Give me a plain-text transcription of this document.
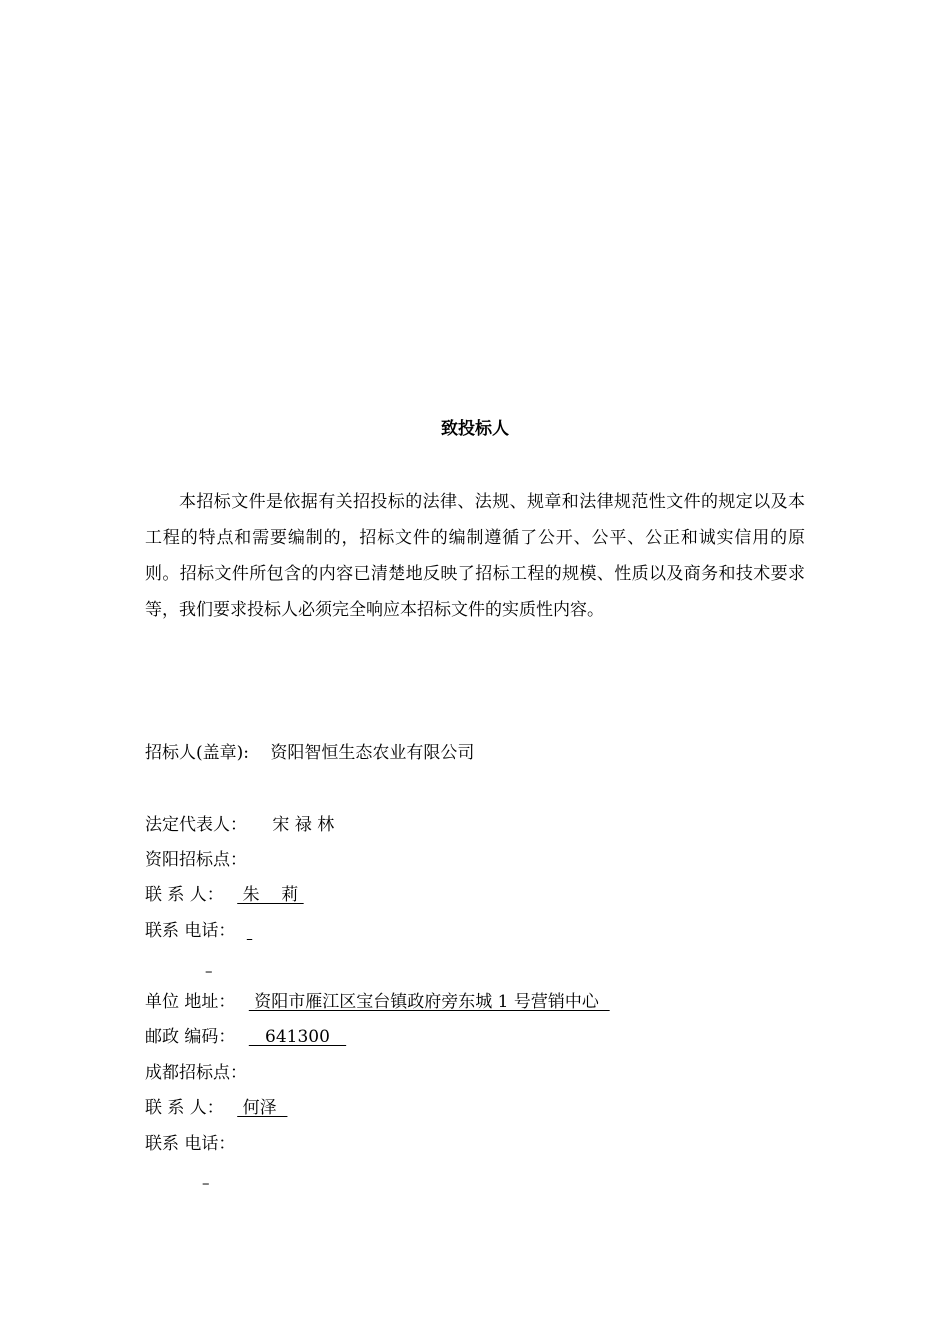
致投标人
本招标文件是依据有关招投标的法律、法规、规章和法律规范性文件的规定以及本工程的特点和需要编制的，招标文件的编制遵循了公开、公平、公正和诚实信用的原则。招标文件所包含的内容已清楚地反映了招标工程的规模、性质以及商务和技术要求等，我们要求投标人必须完全响应本招标文件的实质性内容。
招标人(盖章): 资阳智恒生态农业有限公司
法定代表人： 宋 禄 林
资阳招标点：
联 系 人：  朱    莉
联系 电话：
–
单位 地址：  资阳市雁江区宝台镇政府旁东城 1 号营销中心
邮政 编码：    641300
成都招标点：
联 系 人：  何泽
联系 电话：
–
